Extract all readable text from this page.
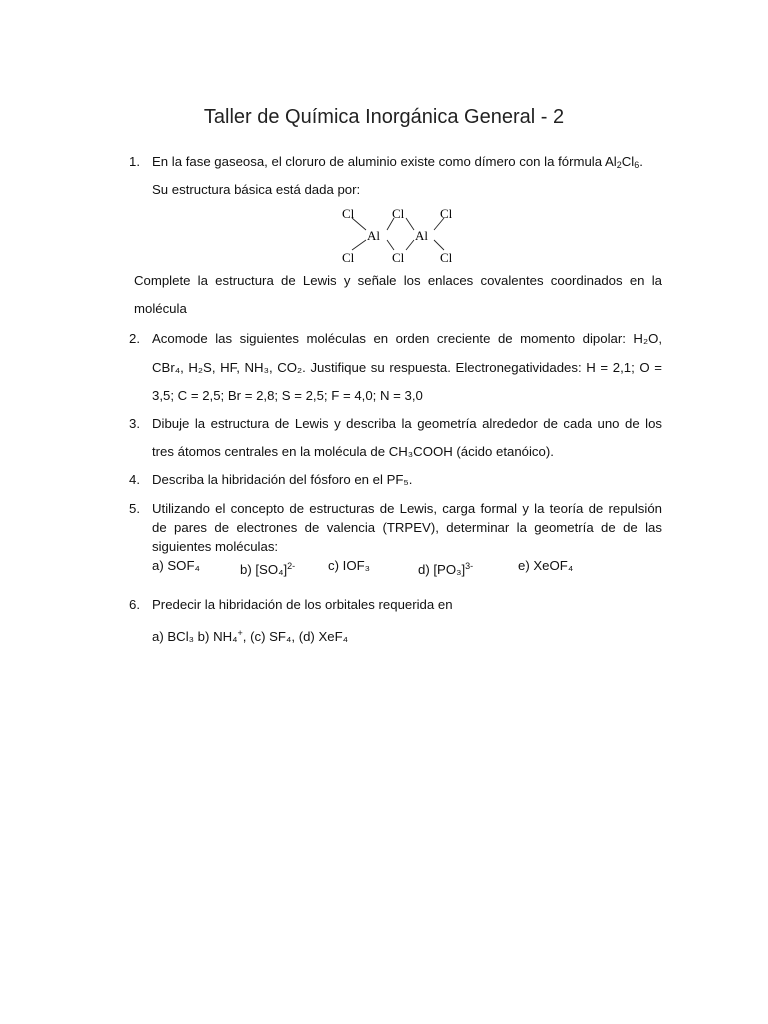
Taller de Química Inorgánica General - 2
1. En la fase gaseosa, el cloruro de aluminio existe como dímero con la fórmula $Al_2Cl_6$.
Su estructura básica está dada por:
Cl	Cl	Cl
Al	Al
Cl	Cl	Cl
Complete la estructura de Lewis y señale los enlaces covalentes coordinados en la
molécula
2. Acomode las siguientes moléculas en orden creciente de momento dipolar: H₂O,
CBr₄, H₂S, HF, NH₃, CO₂. Justifique su respuesta. Electronegatividades: H = 2,1; O =
3,5; C = 2,5; Br = 2,8; S = 2,5; F = 4,0; N = 3,0
3. Dibuje la estructura de Lewis y describa la geometría alrededor de cada uno de los
tres átomos centrales en la molécula de CH₃COOH (ácido etanóico).
4. Describa la hibridación del fósforo en el PF₅.
5. Utilizando el concepto de estructuras de Lewis, carga formal y la teoría de repulsión
de pares de electrones de valencia (TRPEV), determinar la geometría de de las
siguientes moléculas:
a) SOF₄	b) $[SO_4]^{2-}$ c) IOF₃	d) $[PO_3]^{3-}$	e) XeOF₄
6. Predecir la hibridación de los orbitales requerida en
a) BCl₃ b) NH₄+, (c) SF₄, (d) XeF₄
